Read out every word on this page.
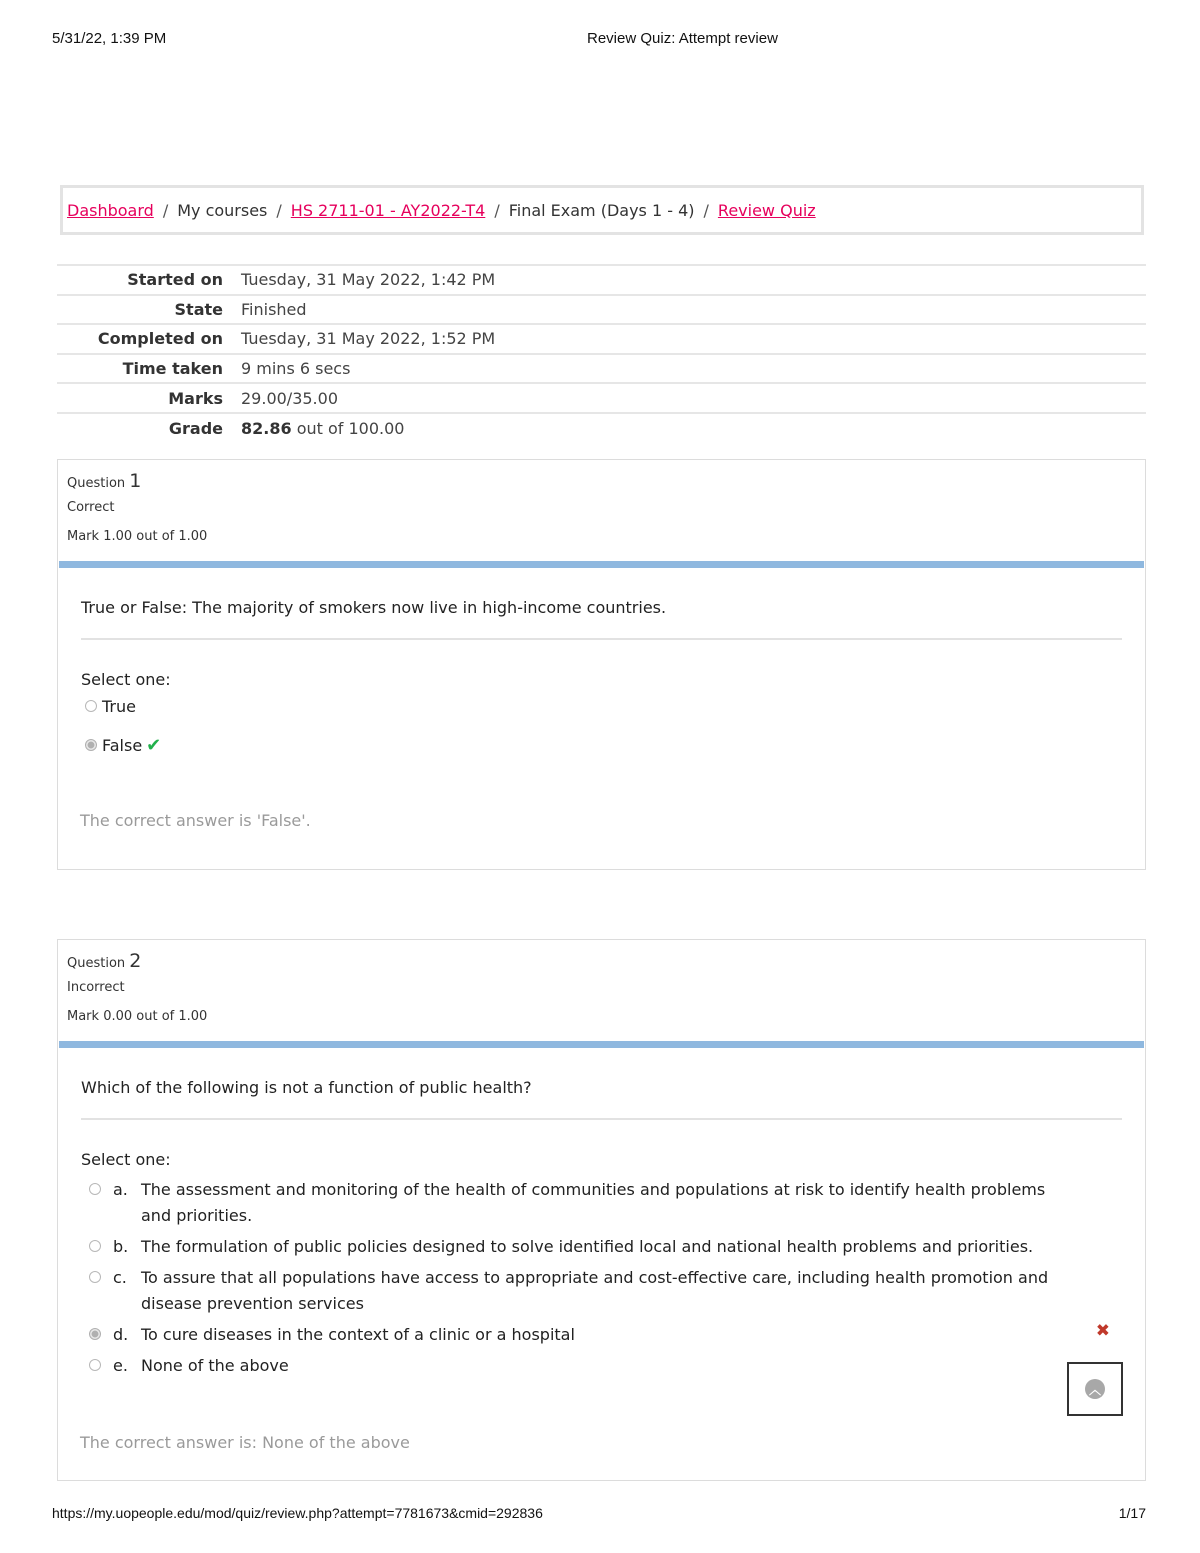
5/31/22, 1:39 PM	Review Quiz: Attempt review
Dashboard / My courses / HS 2711-01 - AY2022-T4 / Final Exam (Days 1 - 4) / Review Quiz
Started on	Tuesday, 31 May 2022, 1:42 PM
State	Finished
Completed on	Tuesday, 31 May 2022, 1:52 PM
Time taken	9 mins 6 secs
Marks	29.00/35.00
Grade	82.86 out of 100.00
Question 1
Correct
Mark 1.00 out of 1.00
True or False: The majority of smokers now live in high-income countries.
Select one:
True
False ✔
The correct answer is 'False'.
Question 2
Incorrect
Mark 0.00 out of 1.00
Which of the following is not a function of public health?
Select one:
a. The assessment and monitoring of the health of communities and populations at risk to identify health problems and priorities.
b. The formulation of public policies designed to solve identified local and national health problems and priorities.
c. To assure that all populations have access to appropriate and cost-effective care, including health promotion and disease prevention services
d. To cure diseases in the context of a clinic or a hospital	✖
e. None of the above
The correct answer is: None of the above
︿
https://my.uopeople.edu/mod/quiz/review.php?attempt=7781673&cmid=292836	1/17
